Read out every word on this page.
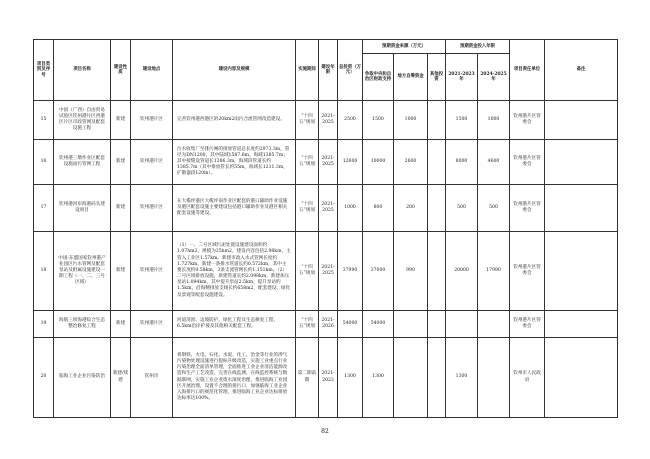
项目类别及序号	项目名称	建设性质	建设地点	建设内容及规模	实施期间	建设年限	总投资（万元）	预期资金来源（万元）			预期资金投入年限		项目责任单位	备注
								争取中央和自治区财政支持	地方自筹资金	其他投资	2021-2023年	2024-2025年		
15	中国（广西）自由贸易试验区钦州港片区西港区片区市政管网及配套设施工程	新建	钦州港片区	完善钦州港西港区的20km2雨污合流管网改造建设。	“十四五”规划	2021-2025	2500	1500	1000		1500	1000	钦州港片区管委会	
16	钦州港三墩作业区配套设施雨污管网工程	新建	钦州港片区	污水收集厂至排污闸的排放管道总长度约2973.3m，管径为DN1200，其中陆域1587.6m、海域1385.7m；其中接缝设管道长1386.3m，海域段管道长约1385.7m（其中排放管长约55m，海域长1211.3m，扩散器段120m）。	“十四五”规划	2021-2025	12600	10000	2600		8000	4600	钦州港片区管委会	
17	钦州港河岸海港码头建设项目	新建	钦州港片区	在大榄坪港区大榄坪南作业区配套的港口辅助作业设施及港区配套设施主要建设包括港口辅助作业及港区相关配套设施等建设。	“十四五”规划	2021-2025	1000	800	200		500	500	钦州港片区管委会	
18	中国-东盟国家钦州港产业园区污水管网及配套泵站及附属设施建设一期工程（一、二、三号区域）	新建	钦州港片区	（1）一、二号区域污泥处置设施建设面积约1.07hm2，规模为25hm2，建设内容包括2.98km，主管入工业区1.57km。新建市政入水式管网长度约1.727km，新建一条排水管道长约0.572km，其中主要长度约0.58km，3条支流管网长约1.151km。（2）二号区域排放设施，新建管道长约2.098km，新建加压泵站1.094km，其中提升泵站2.5km，提升泵站约1.5km，沿海侧排放支线长约658m2，配套建设、绿化及景观等配套设施建设。	“十四五”规划	2021-2025	37990	37000	990		20000	17990	钦州港片区管委会	
19	海航三项海港综合生态整治修复工程	新建	钦州港片区	河道清淤、边坡防护、绿化工程及生态修复工程，6.5km沿岸护坡及其他相关配套工程。	“十四五”规划	2021-2026	54000	54000					钦州港片区管委会	
20	临海工业企业污染防治	新建/续建	钦州市	将钢铁、火电、石化、水泥、化工、冶金等行业的涉气污染物处理设施进行提标升级改造，实施工业重点行业污染治理全面清单管理，全面推进工业企业清洁能源改造和生产工艺改造，完善在线监测、在线监控系统与数据联网，实施工业企业废水深度治理，推进临海工业园区开展治理，设置不合理的排污口，加强临海工业企业入海排污口的规范化管理，推进临海工业企业达标排放达标率达100%。	第二期前期	2021-2023	1300	1300			1300		钦州市人民政府	
82
